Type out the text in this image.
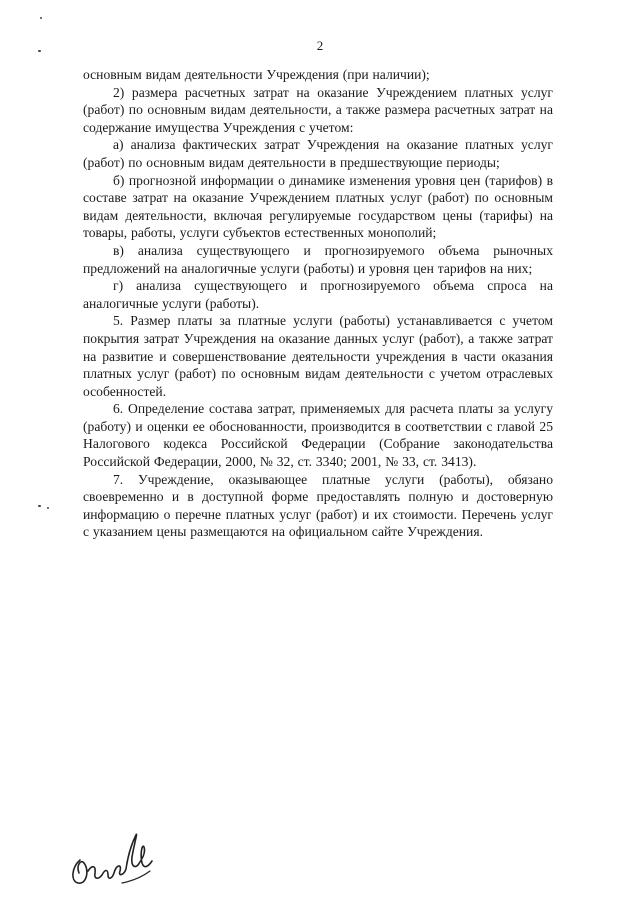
2

основным видам деятельности Учреждения (при наличии);

2) размера расчетных затрат на оказание Учреждением платных услуг (работ) по основным видам деятельности, а также размера расчетных затрат на содержание имущества Учреждения с учетом:

а) анализа фактических затрат Учреждения на оказание платных услуг (работ) по основным видам деятельности в предшествующие периоды;

б) прогнозной информации о динамике изменения уровня цен (тарифов) в составе затрат на оказание Учреждением платных услуг (работ) по основным видам деятельности, включая регулируемые государством цены (тарифы) на товары, работы, услуги субъектов естественных монополий;

в) анализа существующего и прогнозируемого объема рыночных предложений на аналогичные услуги (работы) и уровня цен тарифов на них;

г) анализа существующего и прогнозируемого объема спроса на аналогичные услуги (работы).

5. Размер платы за платные услуги (работы) устанавливается с учетом покрытия затрат Учреждения на оказание данных услуг (работ), а также затрат на развитие и совершенствование деятельности учреждения в части оказания платных услуг (работ) по основным видам деятельности с учетом отраслевых особенностей.

6. Определение состава затрат, применяемых для расчета платы за услугу (работу) и оценки ее обоснованности, производится в соответствии с главой 25 Налогового кодекса Российской Федерации (Собрание законодательства Российской Федерации, 2000, № 32, ст. 3340; 2001, № 33, ст. 3413).

7. Учреждение, оказывающее платные услуги (работы), обязано своевременно и в доступной форме предоставлять полную и достоверную информацию о перечне платных услуг (работ) и их стоимости. Перечень услуг с указанием цены размещаются на официальном сайте Учреждения.
